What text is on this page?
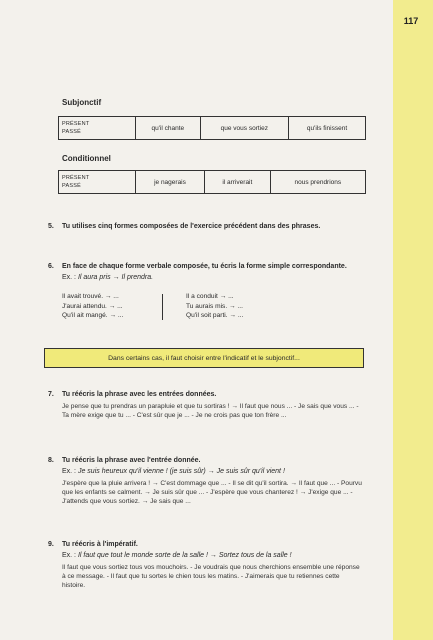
117
Subjonctif
PRÉSENT
PASSÉ
	qu'il chante	que vous sortiez	qu'ils finissent
Conditionnel
PRÉSENT
PASSÉ
	je nagerais	il arriverait	nous prendrions
5.	Tu utilises cinq formes composées de l'exercice précédent dans des phrases.
6.	En face de chaque forme verbale composée, tu écris la forme simple correspondante.
Ex. : Il aura pris → Il prendra.
Il avait trouvé. → ...
J'aurai attendu. → ...
Qu'il ait mangé. → ...
Il a conduit → ...
Tu aurais mis. → ...
Qu'il soit parti. → ...
Dans certains cas, il faut choisir entre l'indicatif et le subjonctif...
7.	Tu réécris la phrase avec les entrées données.
Je pense que tu prendras un parapluie et que tu sortiras ! → Il faut que nous ... - Je sais que vous ... - Ta mère exige que tu ... - C'est sûr que je ... - Je ne crois pas que ton frère ...
8.	Tu réécris la phrase avec l'entrée donnée.
Ex. : Je suis heureux qu'il vienne ! (je suis sûr) → Je suis sûr qu'il vient !
J'espère que la pluie arrivera ! → C'est dommage que ... - Il se dit qu'il sortira. → Il faut que ... - Pourvu que les enfants se calment. → Je suis sûr que ... - J'espère que vous chanterez ! → J'exige que ... - J'attends que vous sortiez. → Je sais que ...
9.	Tu réécris à l'impératif.
Ex. : Il faut que tout le monde sorte de la salle ! → Sortez tous de la salle !
Il faut que vous sortiez tous vos mouchoirs. - Je voudrais que nous cherchions ensemble une réponse à ce message. - Il faut que tu sortes le chien tous les matins. - J'aimerais que tu retiennes cette histoire.
